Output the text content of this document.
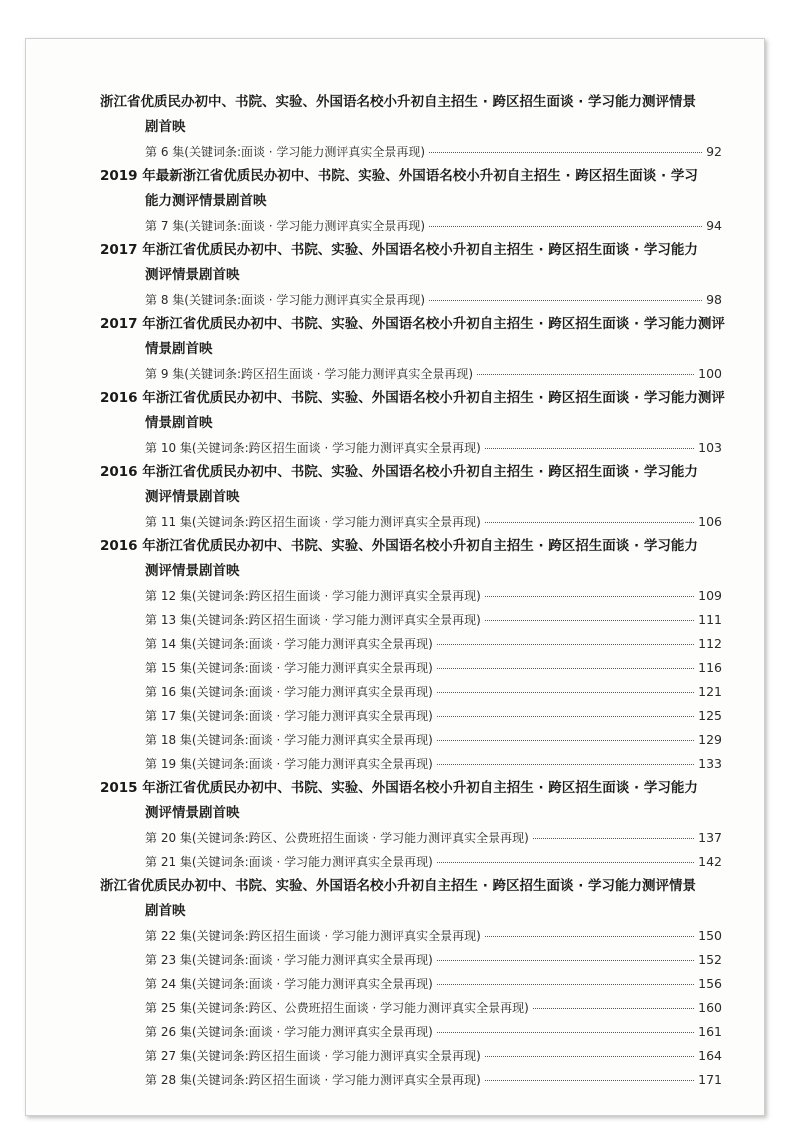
浙江省优质民办初中、书院、实验、外国语名校小升初自主招生 · 跨区招生面谈 · 学习能力测评情景
剧首映
第 6 集(关键词条:面谈 · 学习能力测评真实全景再现)	92
2019 年最新浙江省优质民办初中、书院、实验、外国语名校小升初自主招生 · 跨区招生面谈 · 学习
能力测评情景剧首映
第 7 集(关键词条:面谈 · 学习能力测评真实全景再现)	94
2017 年浙江省优质民办初中、书院、实验、外国语名校小升初自主招生 · 跨区招生面谈 · 学习能力
测评情景剧首映
第 8 集(关键词条:面谈 · 学习能力测评真实全景再现)	98
2017 年浙江省优质民办初中、书院、实验、外国语名校小升初自主招生 · 跨区招生面谈 · 学习能力测评
情景剧首映
第 9 集(关键词条:跨区招生面谈 · 学习能力测评真实全景再现)	100
2016 年浙江省优质民办初中、书院、实验、外国语名校小升初自主招生 · 跨区招生面谈 · 学习能力测评
情景剧首映
第 10 集(关键词条:跨区招生面谈 · 学习能力测评真实全景再现)	103
2016 年浙江省优质民办初中、书院、实验、外国语名校小升初自主招生 · 跨区招生面谈 · 学习能力
测评情景剧首映
第 11 集(关键词条:跨区招生面谈 · 学习能力测评真实全景再现)	106
2016 年浙江省优质民办初中、书院、实验、外国语名校小升初自主招生 · 跨区招生面谈 · 学习能力
测评情景剧首映
第 12 集(关键词条:跨区招生面谈 · 学习能力测评真实全景再现)	109
第 13 集(关键词条:跨区招生面谈 · 学习能力测评真实全景再现)	111
第 14 集(关键词条:面谈 · 学习能力测评真实全景再现)	112
第 15 集(关键词条:面谈 · 学习能力测评真实全景再现)	116
第 16 集(关键词条:面谈 · 学习能力测评真实全景再现)	121
第 17 集(关键词条:面谈 · 学习能力测评真实全景再现)	125
第 18 集(关键词条:面谈 · 学习能力测评真实全景再现)	129
第 19 集(关键词条:面谈 · 学习能力测评真实全景再现)	133
2015 年浙江省优质民办初中、书院、实验、外国语名校小升初自主招生 · 跨区招生面谈 · 学习能力
测评情景剧首映
第 20 集(关键词条:跨区、公费班招生面谈 · 学习能力测评真实全景再现)	137
第 21 集(关键词条:面谈 · 学习能力测评真实全景再现)	142
浙江省优质民办初中、书院、实验、外国语名校小升初自主招生 · 跨区招生面谈 · 学习能力测评情景
剧首映
第 22 集(关键词条:跨区招生面谈 · 学习能力测评真实全景再现)	150
第 23 集(关键词条:面谈 · 学习能力测评真实全景再现)	152
第 24 集(关键词条:面谈 · 学习能力测评真实全景再现)	156
第 25 集(关键词条:跨区、公费班招生面谈 · 学习能力测评真实全景再现)	160
第 26 集(关键词条:面谈 · 学习能力测评真实全景再现)	161
第 27 集(关键词条:跨区招生面谈 · 学习能力测评真实全景再现)	164
第 28 集(关键词条:跨区招生面谈 · 学习能力测评真实全景再现)	171
